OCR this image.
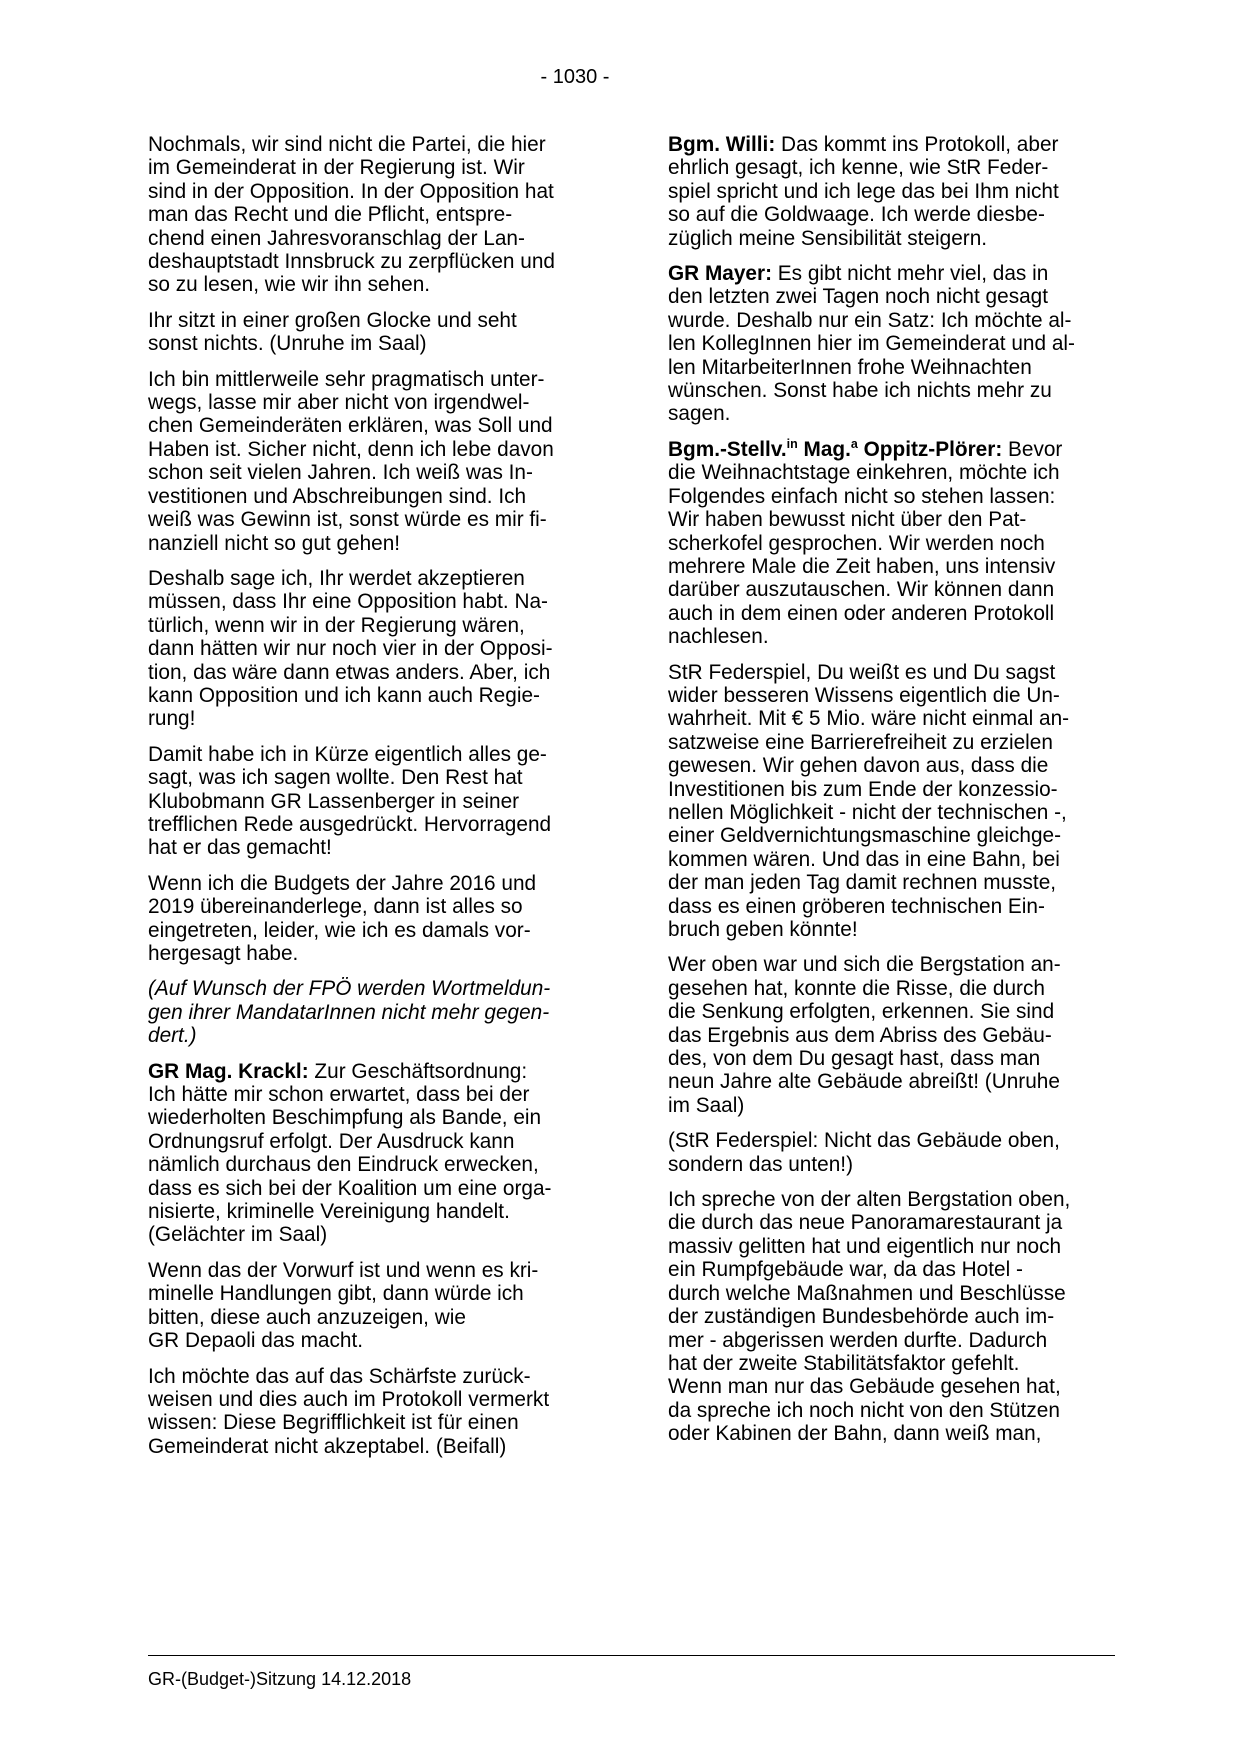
- 1030 -

Nochmals, wir sind nicht die Partei, die hier
im Gemeinderat in der Regierung ist. Wir
sind in der Opposition. In der Opposition hat
man das Recht und die Pflicht, entspre-
chend einen Jahresvoranschlag der Lan-
deshauptstadt Innsbruck zu zerpflücken und
so zu lesen, wie wir ihn sehen.

Ihr sitzt in einer großen Glocke und seht
sonst nichts. (Unruhe im Saal)

Ich bin mittlerweile sehr pragmatisch unter-
wegs, lasse mir aber nicht von irgendwel-
chen Gemeinderäten erklären, was Soll und
Haben ist. Sicher nicht, denn ich lebe davon
schon seit vielen Jahren. Ich weiß was In-
vestitionen und Abschreibungen sind. Ich
weiß was Gewinn ist, sonst würde es mir fi-
nanziell nicht so gut gehen!

Deshalb sage ich, Ihr werdet akzeptieren
müssen, dass Ihr eine Opposition habt. Na-
türlich, wenn wir in der Regierung wären,
dann hätten wir nur noch vier in der Opposi-
tion, das wäre dann etwas anders. Aber, ich
kann Opposition und ich kann auch Regie-
rung!

Damit habe ich in Kürze eigentlich alles ge-
sagt, was ich sagen wollte. Den Rest hat
Klubobmann GR Lassenberger in seiner
trefflichen Rede ausgedrückt. Hervorragend
hat er das gemacht!

Wenn ich die Budgets der Jahre 2016 und
2019 übereinanderlege, dann ist alles so
eingetreten, leider, wie ich es damals vor-
hergesagt habe.

(Auf Wunsch der FPÖ werden Wortmeldun-
gen ihrer MandatarInnen nicht mehr gegen-
dert.)

GR Mag. Krackl: Zur Geschäftsordnung:
Ich hätte mir schon erwartet, dass bei der
wiederholten Beschimpfung als Bande, ein
Ordnungsruf erfolgt. Der Ausdruck kann
nämlich durchaus den Eindruck erwecken,
dass es sich bei der Koalition um eine orga-
nisierte, kriminelle Vereinigung handelt.
(Gelächter im Saal)

Wenn das der Vorwurf ist und wenn es kri-
minelle Handlungen gibt, dann würde ich
bitten, diese auch anzuzeigen, wie
GR Depaoli das macht.

Ich möchte das auf das Schärfste zurück-
weisen und dies auch im Protokoll vermerkt
wissen: Diese Begrifflichkeit ist für einen
Gemeinderat nicht akzeptabel. (Beifall)

Bgm. Willi: Das kommt ins Protokoll, aber
ehrlich gesagt, ich kenne, wie StR Feder-
spiel spricht und ich lege das bei Ihm nicht
so auf die Goldwaage. Ich werde diesbe-
züglich meine Sensibilität steigern.

GR Mayer: Es gibt nicht mehr viel, das in
den letzten zwei Tagen noch nicht gesagt
wurde. Deshalb nur ein Satz: Ich möchte al-
len KollegInnen hier im Gemeinderat und al-
len MitarbeiterInnen frohe Weihnachten
wünschen. Sonst habe ich nichts mehr zu
sagen.

Bgm.-Stellv.$^{in}$ Mag.$^a$ Oppitz-Plörer: Bevor
die Weihnachtstage einkehren, möchte ich
Folgendes einfach nicht so stehen lassen:
Wir haben bewusst nicht über den Pat-
scherkofel gesprochen. Wir werden noch
mehrere Male die Zeit haben, uns intensiv
darüber auszutauschen. Wir können dann
auch in dem einen oder anderen Protokoll
nachlesen.

StR Federspiel, Du weißt es und Du sagst
wider besseren Wissens eigentlich die Un-
wahrheit. Mit € 5 Mio. wäre nicht einmal an-
satzweise eine Barrierefreiheit zu erzielen
gewesen. Wir gehen davon aus, dass die
Investitionen bis zum Ende der konzessio-
nellen Möglichkeit - nicht der technischen -,
einer Geldvernichtungsmaschine gleichge-
kommen wären. Und das in eine Bahn, bei
der man jeden Tag damit rechnen musste,
dass es einen gröberen technischen Ein-
bruch geben könnte!

Wer oben war und sich die Bergstation an-
gesehen hat, konnte die Risse, die durch
die Senkung erfolgten, erkennen. Sie sind
das Ergebnis aus dem Abriss des Gebäu-
des, von dem Du gesagt hast, dass man
neun Jahre alte Gebäude abreißt! (Unruhe
im Saal)

(StR Federspiel: Nicht das Gebäude oben,
sondern das unten!)

Ich spreche von der alten Bergstation oben,
die durch das neue Panoramarestaurant ja
massiv gelitten hat und eigentlich nur noch
ein Rumpfgebäude war, da das Hotel -
durch welche Maßnahmen und Beschlüsse
der zuständigen Bundesbehörde auch im-
mer - abgerissen werden durfte. Dadurch
hat der zweite Stabilitätsfaktor gefehlt.
Wenn man nur das Gebäude gesehen hat,
da spreche ich noch nicht von den Stützen
oder Kabinen der Bahn, dann weiß man,

GR-(Budget-)Sitzung 14.12.2018
